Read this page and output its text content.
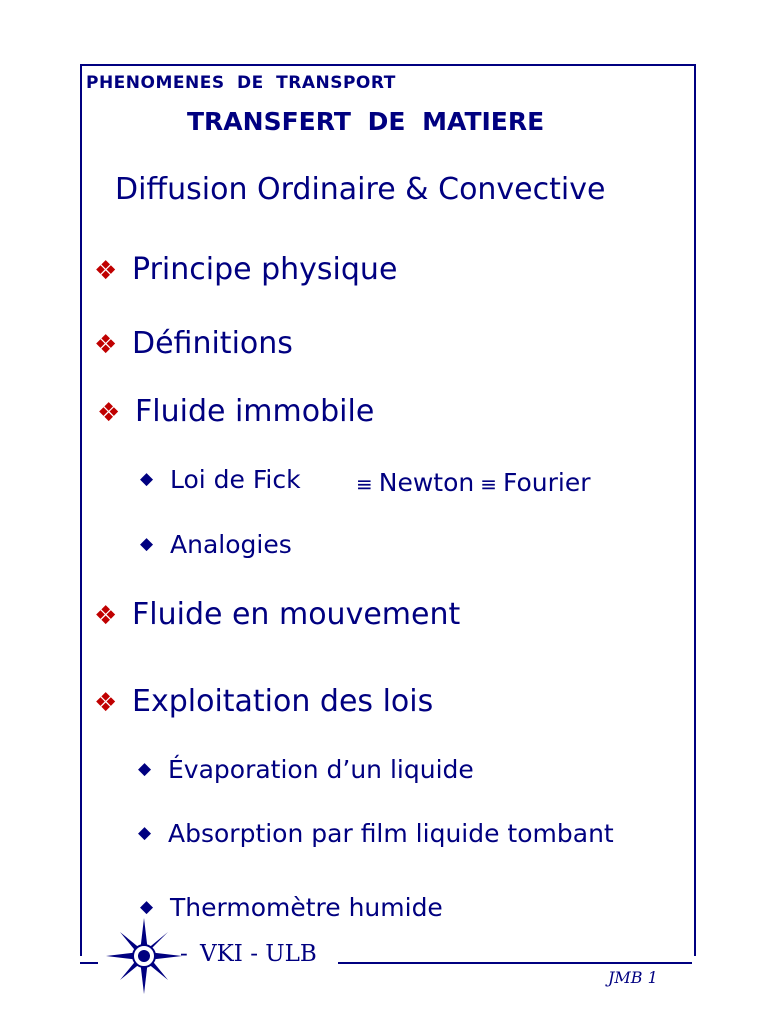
PHENOMENES DE TRANSPORT
TRANSFERT DE MATIERE
Diffusion Ordinaire & Convective
❖ Principe physique
❖ Définitions
❖ Fluide immobile
◆ Loi de Fick	≡ Newton ≡ Fourier
◆ Analogies
❖ Fluide en mouvement
❖ Exploitation des lois
◆ Évaporation d’un liquide
◆ Absorption par film liquide tombant
◆ Thermomètre humide
- VKI - ULB
JMB 1
